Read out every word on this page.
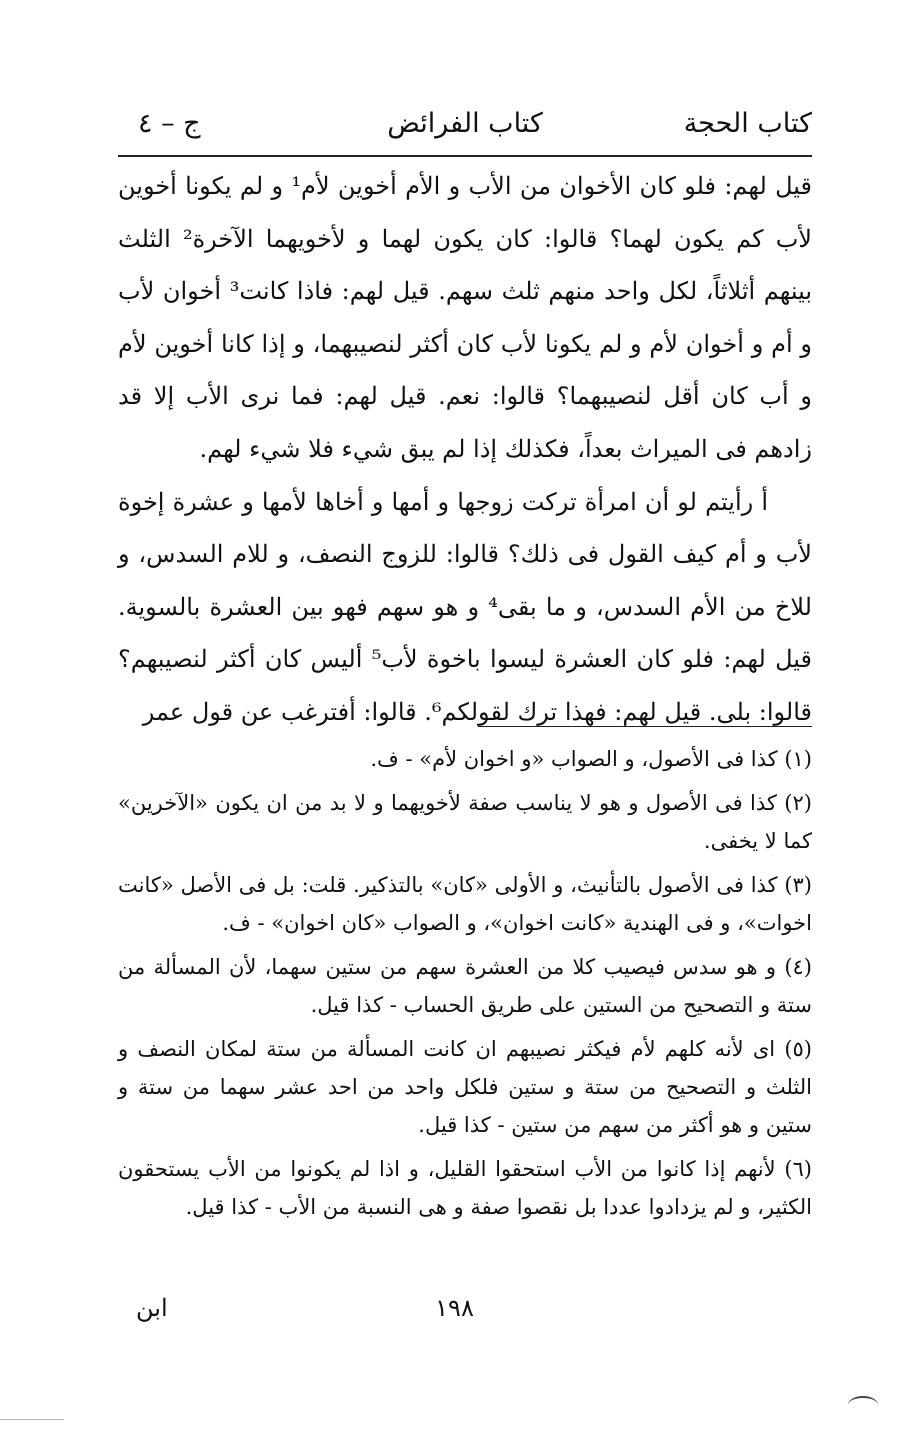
كتاب الحجة
كتاب الفرائض
ج – ٤

قيل لهم: فلو كان الأخوان من الأب و الأم أخوين لأم¹ و لم يكونا أخوين لأب كم يكون لهما؟ قالوا: كان يكون لهما و لأخويهما الآخرة² الثلث بينهم أثلاثاً، لكل واحد منهم ثلث سهم. قيل لهم: فاذا كانت³ أخوان لأب و أم و أخوان لأم و لم يكونا لأب كان أكثر لنصيبهما، و إذا كانا أخوين لأم و أب كان أقل لنصيبهما؟ قالوا: نعم. قيل لهم: فما نرى الأب إلا قد زادهم فى الميراث بعداً، فكذلك إذا لم يبق شيء فلا شيء لهم.

أ رأيتم لو أن امرأة تركت زوجها و أمها و أخاها لأمها و عشرة إخوة لأب و أم كيف القول فى ذلك؟ قالوا: للزوج النصف، و للام السدس، و للاخ من الأم السدس، و ما بقى⁴ و هو سهم فهو بين العشرة بالسوية. قيل لهم: فلو كان العشرة ليسوا باخوة لأب⁵ أليس كان أكثر لنصيبهم؟ قالوا: بلى. قيل لهم: فهذا ترك لقولكم⁶. قالوا: أفترغب عن قول عمر

(١) كذا فى الأصول، و الصواب «و اخوان لأم» - ف.

(٢) كذا فى الأصول و هو لا يناسب صفة لأخويهما و لا بد من ان يكون «الآخرين» كما لا يخفى.

(٣) كذا فى الأصول بالتأنيث، و الأولى «كان» بالتذكير. قلت: بل فى الأصل «كانت اخوات»، و فى الهندية «كانت اخوان»، و الصواب «كان اخوان» - ف.

(٤) و هو سدس فيصيب كلا من العشرة سهم من ستين سهما، لأن المسألة من ستة و التصحيح من الستين على طريق الحساب - كذا قيل.

(٥) اى لأنه كلهم لأم فيكثر نصيبهم ان كانت المسألة من ستة لمكان النصف و الثلث و التصحيح من ستة و ستين فلكل واحد من احد عشر سهما من ستة و ستين و هو أكثر من سهم من ستين - كذا قيل.

(٦) لأنهم إذا كانوا من الأب استحقوا القليل، و اذا لم يكونوا من الأب يستحقون الكثير، و لم يزدادوا عددا بل نقصوا صفة و هى النسبة من الأب - كذا قيل.

١٩٨
ابن
